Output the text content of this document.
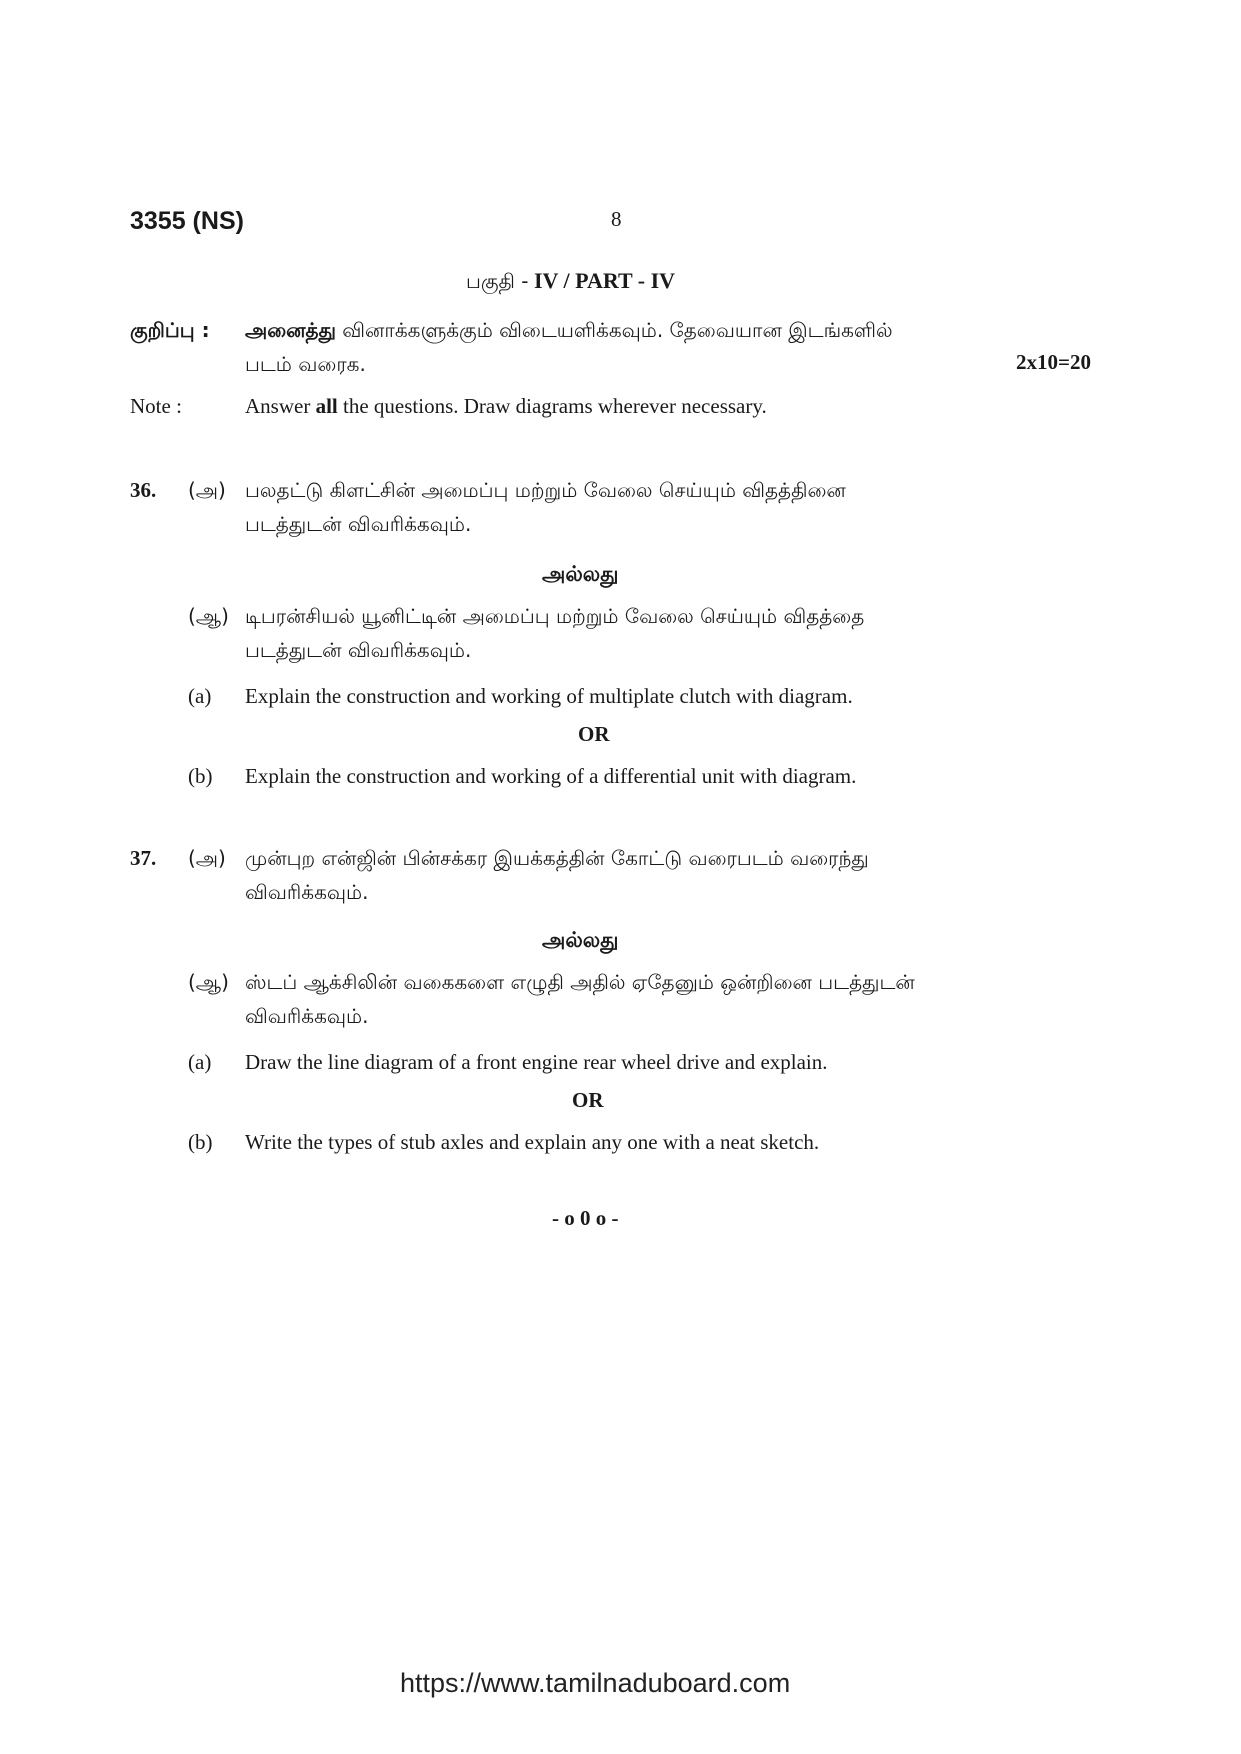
3355 (NS)	8
பகுதி - IV / PART - IV
குறிப்பு : அனைத்து வினாக்களுக்கும் விடையளிக்கவும். தேவையான இடங்களில்
படம் வரைக.	2x10=20
Note :	Answer all the questions. Draw diagrams wherever necessary.
36. (அ) பலதட்டு கிளட்சின் அமைப்பு மற்றும் வேலை செய்யும் விதத்தினை
படத்துடன் விவரிக்கவும்.
அல்லது
(ஆ) டிபரன்சியல் யூனிட்டின் அமைப்பு மற்றும் வேலை செய்யும் விதத்தை
படத்துடன் விவரிக்கவும்.
(a) Explain the construction and working of multiplate clutch with diagram.
OR
(b) Explain the construction and working of a differential unit with diagram.
37. (அ) முன்புற என்ஜின் பின்சக்கர இயக்கத்தின் கோட்டு வரைபடம் வரைந்து
விவரிக்கவும்.
அல்லது
(ஆ) ஸ்டப் ஆக்சிலின் வகைகளை எழுதி அதில் ஏதேனும் ஒன்றினை படத்துடன்
விவரிக்கவும்.
(a) Draw the line diagram of a front engine rear wheel drive and explain.
OR
(b) Write the types of stub axles and explain any one with a neat sketch.
- o 0 o -
https://www.tamilnaduboard.com
